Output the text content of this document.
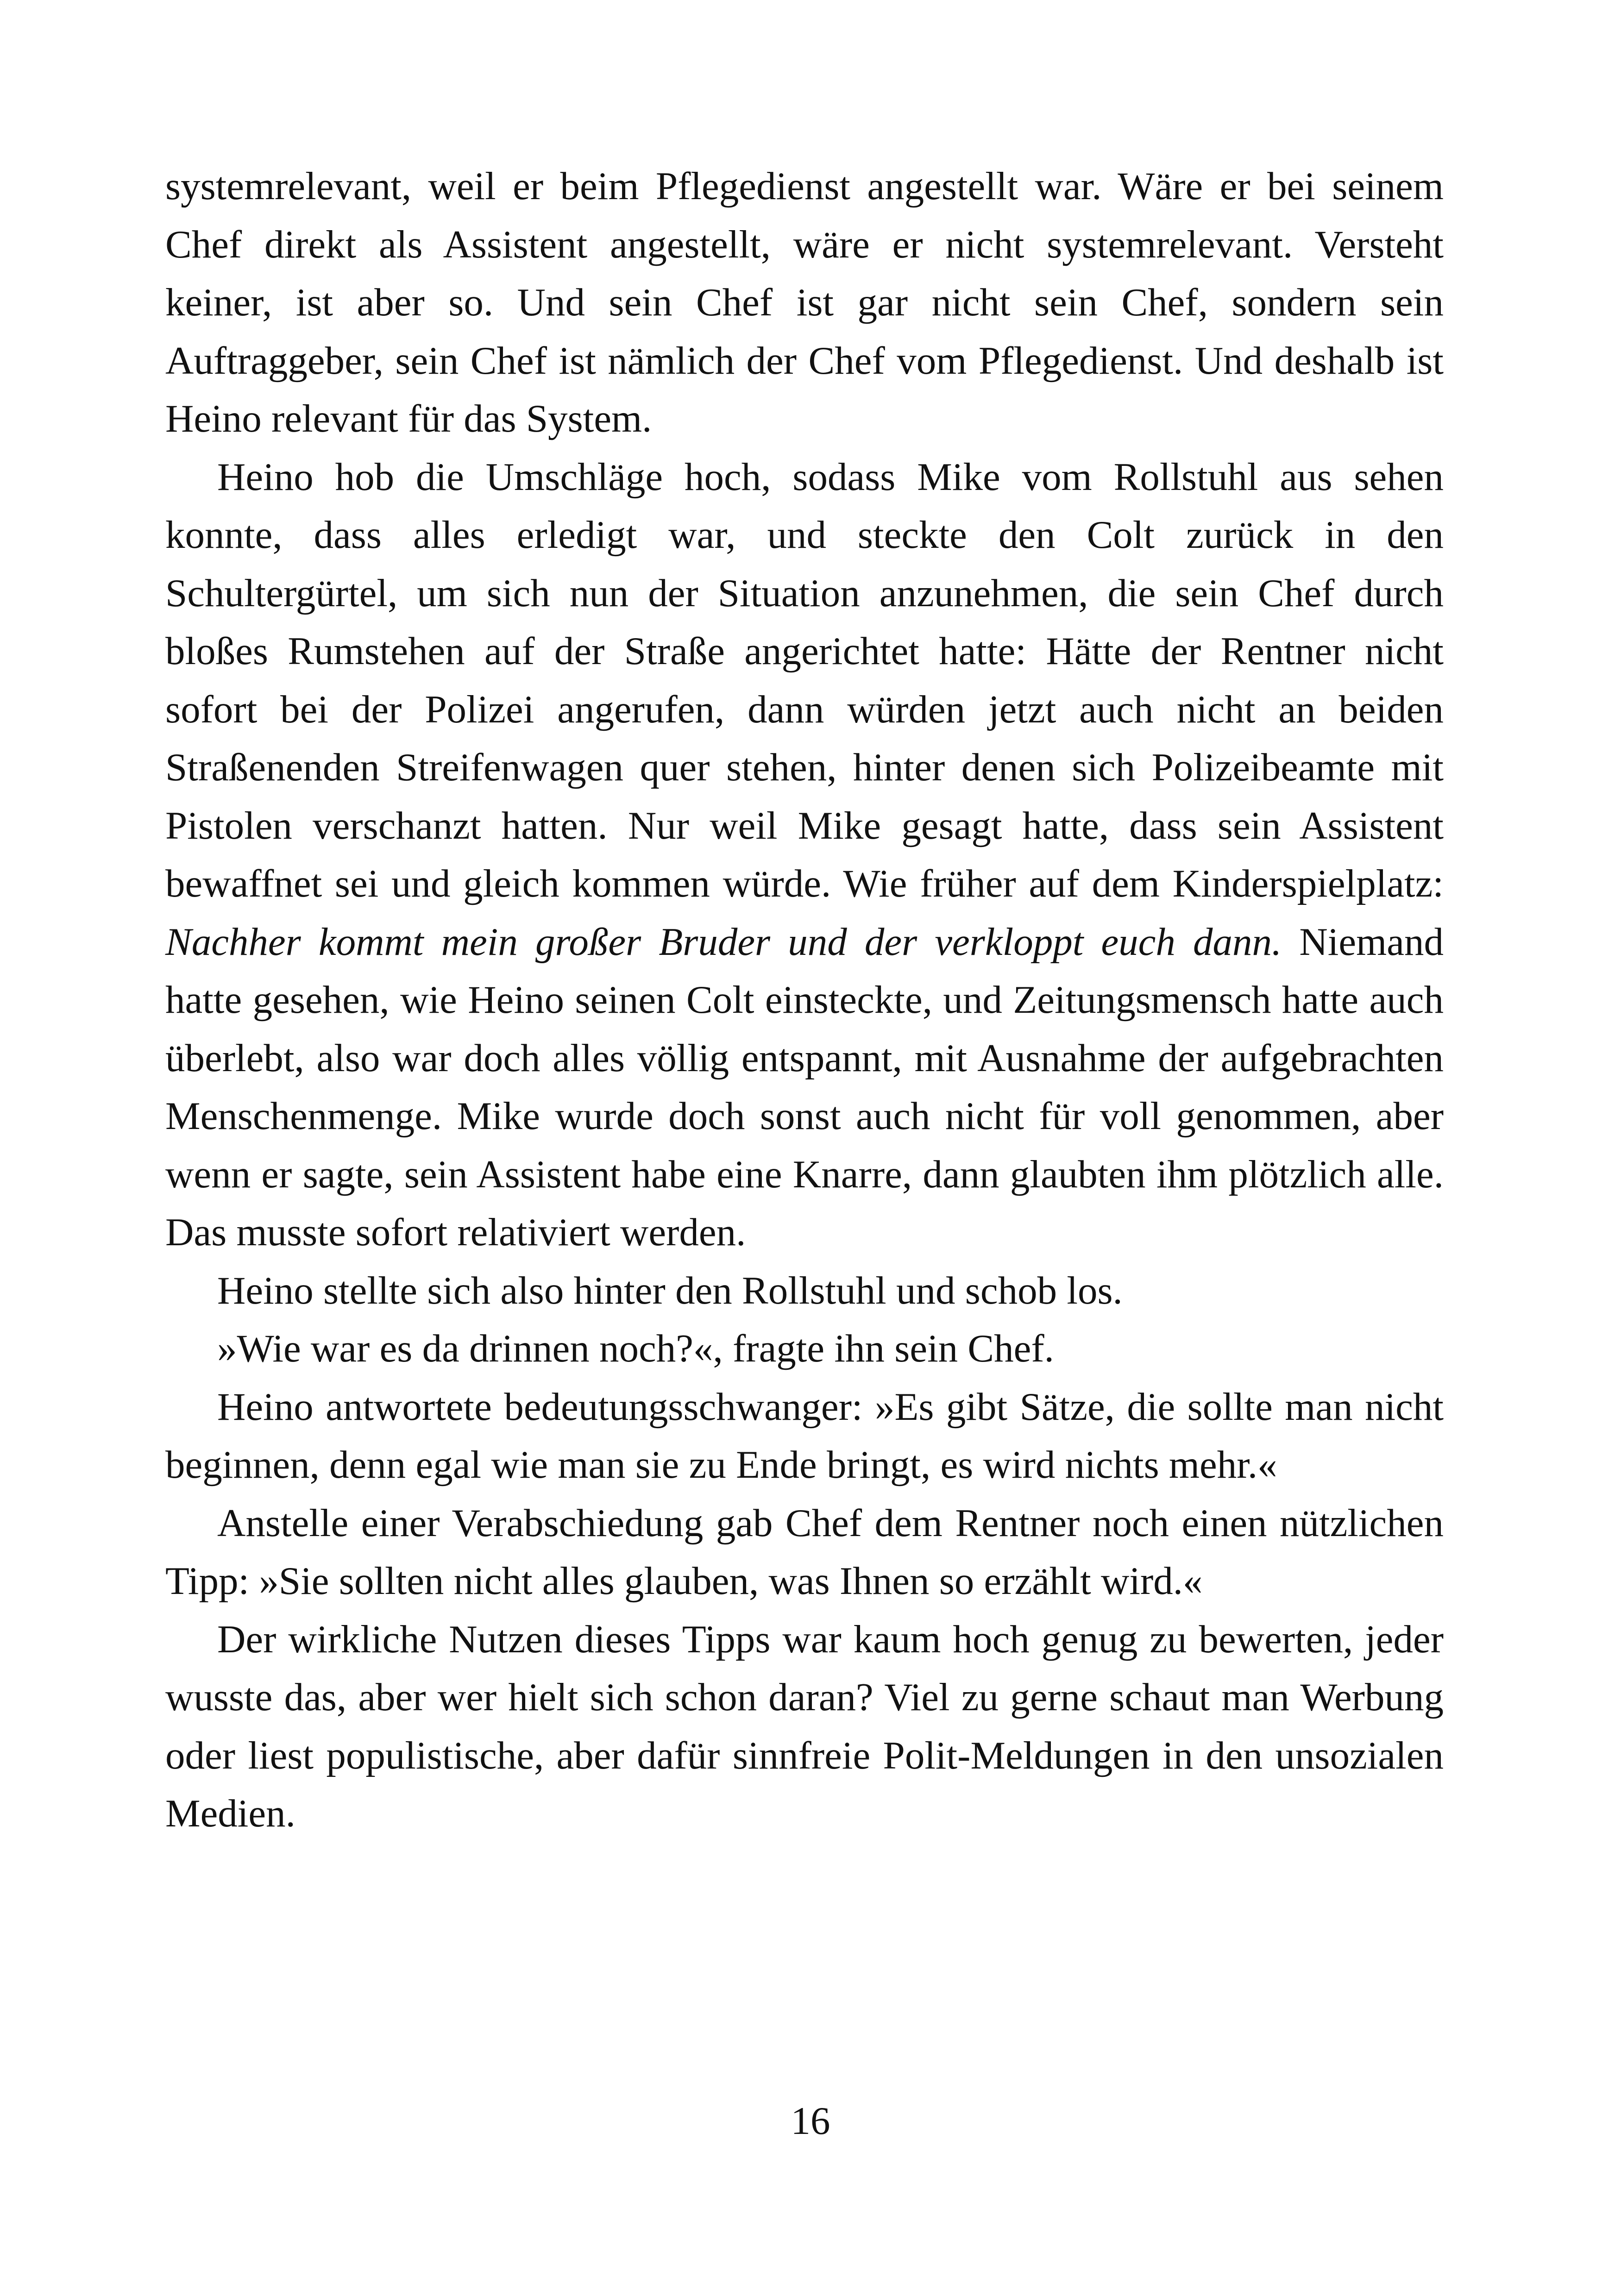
systemrelevant, weil er beim Pflegedienst angestellt war. Wäre er bei seinem Chef direkt als Assistent angestellt, wäre er nicht systemrelevant. Versteht keiner, ist aber so. Und sein Chef ist gar nicht sein Chef, sondern sein Auftraggeber, sein Chef ist nämlich der Chef vom Pflegedienst. Und deshalb ist Heino relevant für das System.

Heino hob die Umschläge hoch, sodass Mike vom Rollstuhl aus sehen konnte, dass alles erledigt war, und steckte den Colt zurück in den Schultergürtel, um sich nun der Situation anzunehmen, die sein Chef durch bloßes Rumstehen auf der Straße angerichtet hatte: Hätte der Rentner nicht sofort bei der Polizei angerufen, dann würden jetzt auch nicht an beiden Straßenenden Streifenwagen quer stehen, hinter denen sich Polizeibeamte mit Pistolen verschanzt hatten. Nur weil Mike gesagt hatte, dass sein Assistent bewaffnet sei und gleich kommen würde. Wie früher auf dem Kinderspielplatz: Nachher kommt mein großer Bruder und der verkloppt euch dann. Niemand hatte gesehen, wie Heino seinen Colt einsteckte, und Zeitungsmensch hatte auch überlebt, also war doch alles völlig entspannt, mit Ausnahme der aufgebrachten Menschenmenge. Mike wurde doch sonst auch nicht für voll genommen, aber wenn er sagte, sein Assistent habe eine Knarre, dann glaubten ihm plötzlich alle. Das musste sofort relativiert werden.

Heino stellte sich also hinter den Rollstuhl und schob los.

»Wie war es da drinnen noch?«, fragte ihn sein Chef.

Heino antwortete bedeutungsschwanger: »Es gibt Sätze, die sollte man nicht beginnen, denn egal wie man sie zu Ende bringt, es wird nichts mehr.«

Anstelle einer Verabschiedung gab Chef dem Rentner noch einen nützlichen Tipp: »Sie sollten nicht alles glauben, was Ihnen so erzählt wird.«

Der wirkliche Nutzen dieses Tipps war kaum hoch genug zu bewerten, jeder wusste das, aber wer hielt sich schon daran? Viel zu gerne schaut man Werbung oder liest populistische, aber dafür sinnfreie Polit-Meldungen in den unsozialen Medien.

16
